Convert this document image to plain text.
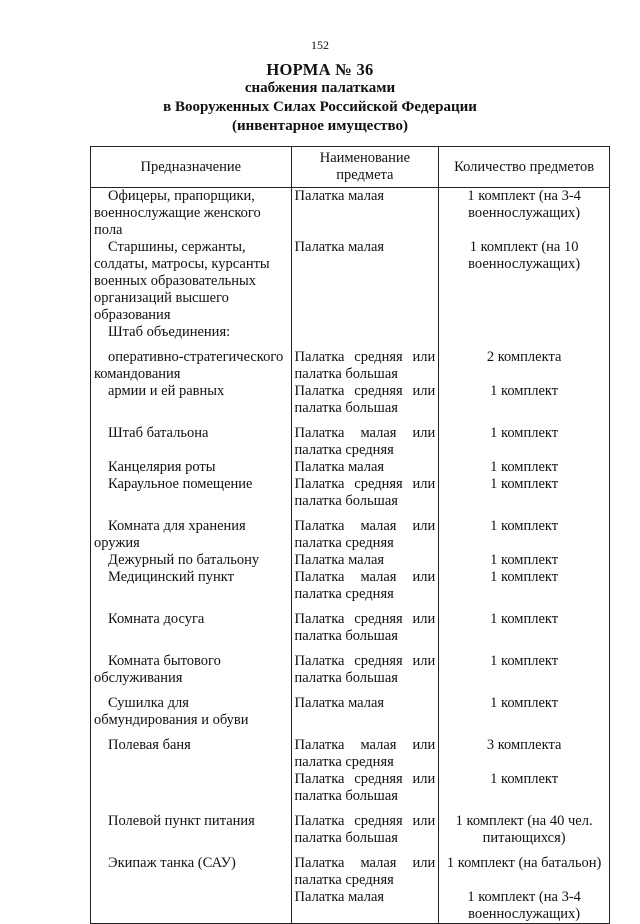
152
НОРМА № 36
снабжения палатками
в Вооруженных Силах Российской Федерации
(инвентарное имущество)
Предназначение	Наименование предмета	Количество предметов
Офицеры, прапорщики, военнослужащие женского пола	Палатка малая	1 комплект (на 3-4 военнослужащих)
Старшины, сержанты, солдаты, матросы, курсанты военных образовательных организаций высшего образования	Палатка малая	1 комплект (на 10 военнослужащих)
Штаб объединения:		
оперативно-стратегического командования	Палатка средняя или палатка большая	2 комплекта
армии и ей равных	Палатка средняя или палатка большая	1 комплект
Штаб батальона	Палатка малая или палатка средняя	1 комплект
Канцелярия роты	Палатка малая	1 комплект
Караульное помещение	Палатка средняя или палатка большая	1 комплект
Комната для хранения оружия	Палатка малая или палатка средняя	1 комплект
Дежурный по батальону	Палатка малая	1 комплект
Медицинский пункт	Палатка малая или палатка средняя	1 комплект
Комната досуга	Палатка средняя или палатка большая	1 комплект
Комната бытового обслуживания	Палатка средняя или палатка большая	1 комплект
Сушилка для обмундирования и обуви	Палатка малая	1 комплект
Полевая баня	Палатка малая или палатка средняя	3 комплекта
	Палатка средняя или палатка большая	1 комплект
Полевой пункт питания	Палатка средняя или палатка большая	1 комплект (на 40 чел. питающихся)
Экипаж танка (САУ)	Палатка малая или палатка средняя	1 комплект (на батальон)
	Палатка малая	1 комплект (на 3-4 военнослужащих)
